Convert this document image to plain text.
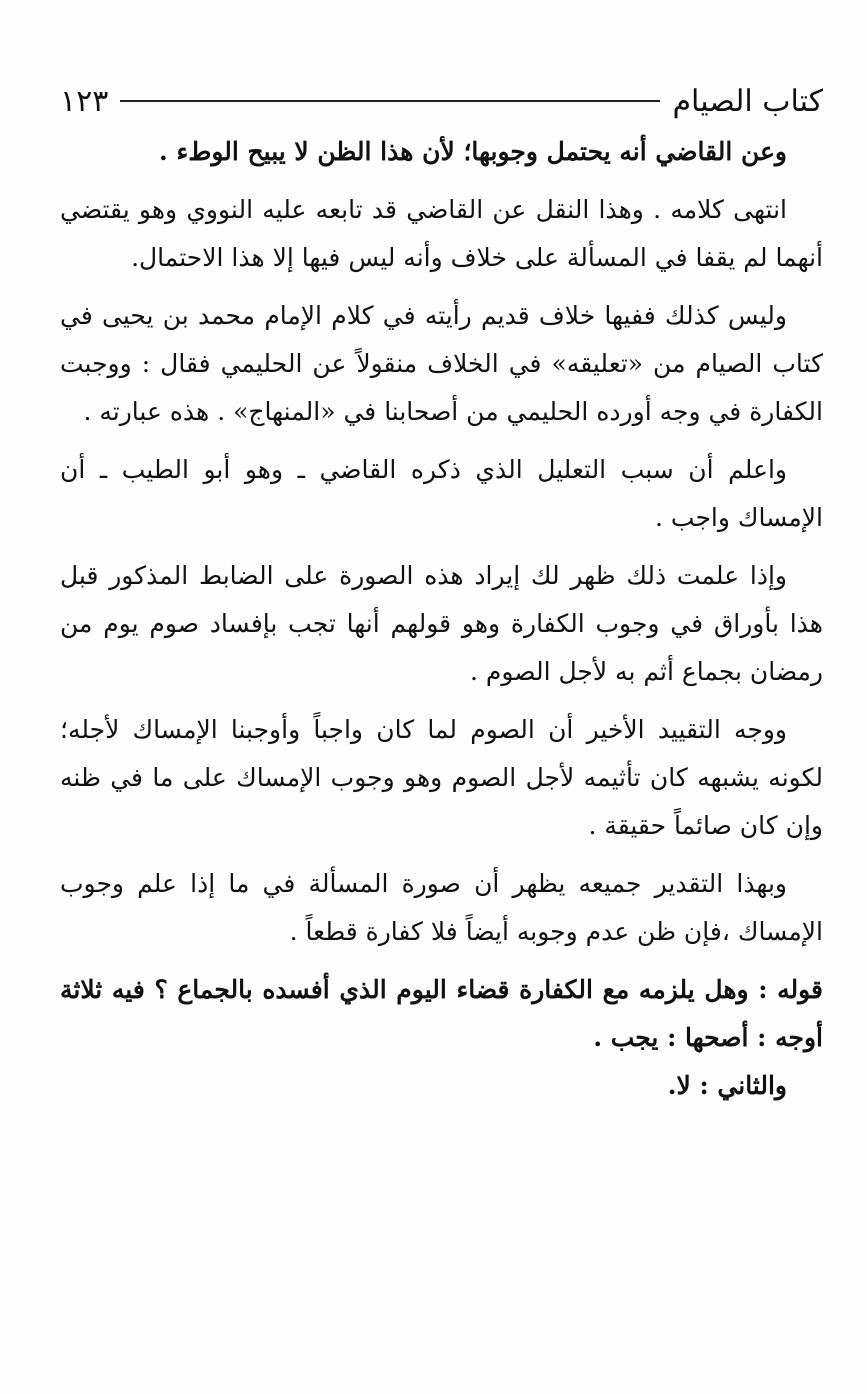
كتاب الصيام
١٢٣

وعن القاضي أنه يحتمل وجوبها؛ لأن هذا الظن لا يبيح الوطء .

انتهى كلامه . وهذا النقل عن القاضي قد تابعه عليه النووي وهو يقتضي أنهما لم يقفا في المسألة على خلاف وأنه ليس فيها إلا هذا الاحتمال.

وليس كذلك ففيها خلاف قديم رأيته في كلام الإمام محمد بن يحيى في كتاب الصيام من «تعليقه» في الخلاف منقولاً عن الحليمي فقال : ووجبت الكفارة في وجه أورده الحليمي من أصحابنا في «المنهاج» . هذه عبارته .

واعلم أن سبب التعليل الذي ذكره القاضي ـ وهو أبو الطيب ـ أن الإمساك واجب .

وإذا علمت ذلك ظهر لك إيراد هذه الصورة على الضابط المذكور قبل هذا بأوراق في وجوب الكفارة وهو قولهم أنها تجب بإفساد صوم يوم من رمضان بجماع أثم به لأجل الصوم .

ووجه التقييد الأخير أن الصوم لما كان واجباً وأوجبنا الإمساك لأجله؛ لكونه يشبهه كان تأثيمه لأجل الصوم وهو وجوب الإمساك على ما في ظنه وإن كان صائماً حقيقة .

وبهذا التقدير جميعه يظهر أن صورة المسألة في ما إذا علم وجوب الإمساك ،فإن ظن عدم وجوبه أيضاً فلا كفارة قطعاً .

قوله : وهل يلزمه مع الكفارة قضاء اليوم الذي أفسده بالجماع ؟ فيه ثلاثة أوجه : أصحها : يجب .

والثاني : لا.
